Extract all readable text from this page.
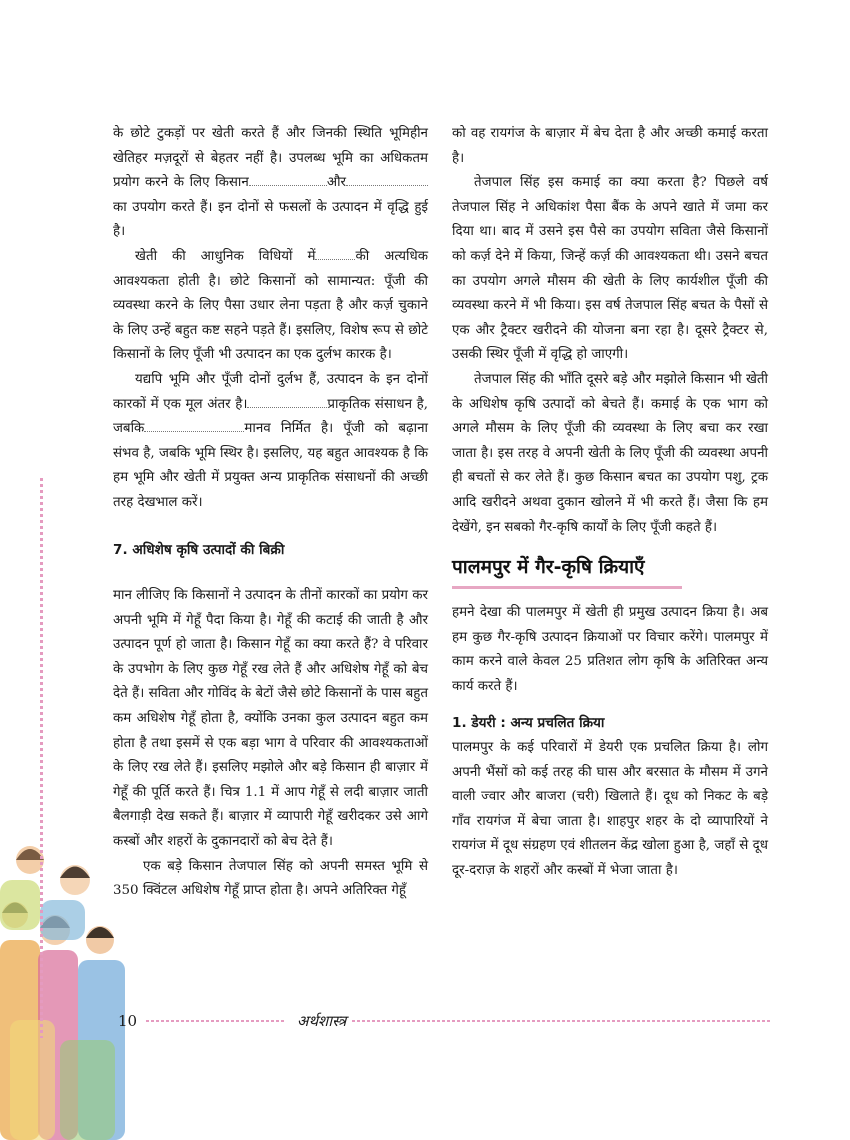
के छोटे टुकड़ों पर खेती करते हैं और जिनकी स्थिति भूमिहीन खेतिहर मज़दूरों से बेहतर नहीं है। उपलब्ध भूमि का अधिकतम प्रयोग करने के लिए किसान	और का उपयोग करते हैं। इन दोनों से फसलों के उत्पादन में वृद्धि हुई है।

खेती की आधुनिक विधियों में	की अत्यधिक आवश्यकता होती है। छोटे किसानों को सामान्यत: पूँजी की व्यवस्था करने के लिए पैसा उधार लेना पड़ता है और कर्ज़ चुकाने के लिए उन्हें बहुत कष्ट सहने पड़ते हैं। इसलिए, विशेष रूप से छोटे किसानों के लिए पूँजी भी उत्पादन का एक दुर्लभ कारक है।

यद्यपि भूमि और पूँजी दोनों दुर्लभ हैं, उत्पादन के इन दोनों कारकों में एक मूल अंतर है।	प्राकृतिक संसाधन है, जबकि	मानव निर्मित है। पूँजी को बढ़ाना संभव है, जबकि भूमि स्थिर है। इसलिए, यह बहुत आवश्यक है कि हम भूमि और खेती में प्रयुक्त अन्य प्राकृतिक संसाधनों की अच्छी तरह देखभाल करें।

7. अधिशेष कृषि उत्पादों की बिक्री

मान लीजिए कि किसानों ने उत्पादन के तीनों कारकों का प्रयोग कर अपनी भूमि में गेहूँ पैदा किया है। गेहूँ की कटाई की जाती है और उत्पादन पूर्ण हो जाता है। किसान गेहूँ का क्या करते हैं? वे परिवार के उपभोग के लिए कुछ गेहूँ रख लेते हैं और अधिशेष गेहूँ को बेच देते हैं। सविता और गोविंद के बेटों जैसे छोटे किसानों के पास बहुत कम अधिशेष गेहूँ होता है, क्योंकि उनका कुल उत्पादन बहुत कम होता है तथा इसमें से एक बड़ा भाग वे परिवार की आवश्यकताओं के लिए रख लेते हैं। इसलिए मझोले और बड़े किसान ही बाज़ार में गेहूँ की पूर्ति करते हैं। चित्र 1.1 में आप गेहूँ से लदी बाज़ार जाती बैलगाड़ी देख सकते हैं। बाज़ार में व्यापारी गेहूँ खरीदकर उसे आगे कस्बों और शहरों के दुकानदारों को बेच देते हैं।

एक बड़े किसान तेजपाल सिंह को अपनी समस्त भूमि से 350 क्विंटल अधिशेष गेहूँ प्राप्त होता है। अपने अतिरिक्त गेहूँ

को वह रायगंज के बाज़ार में बेच देता है और अच्छी कमाई करता है।

तेजपाल सिंह इस कमाई का क्या करता है? पिछले वर्ष तेजपाल सिंह ने अधिकांश पैसा बैंक के अपने खाते में जमा कर दिया था। बाद में उसने इस पैसे का उपयोग सविता जैसे किसानों को कर्ज़ देने में किया, जिन्हें कर्ज़ की आवश्यकता थी। उसने बचत का उपयोग अगले मौसम की खेती के लिए कार्यशील पूँजी की व्यवस्था करने में भी किया। इस वर्ष तेजपाल सिंह बचत के पैसों से एक और ट्रैक्टर खरीदने की योजना बना रहा है। दूसरे ट्रैक्टर से, उसकी स्थिर पूँजी में वृद्धि हो जाएगी।

तेजपाल सिंह की भाँति दूसरे बड़े और मझोले किसान भी खेती के अधिशेष कृषि उत्पादों को बेचते हैं। कमाई के एक भाग को अगले मौसम के लिए पूँजी की व्यवस्था के लिए बचा कर रखा जाता है। इस तरह वे अपनी खेती के लिए पूँजी की व्यवस्था अपनी ही बचतों से कर लेते हैं। कुछ किसान बचत का उपयोग पशु, ट्रक आदि खरीदने अथवा दुकान खोलने में भी करते हैं। जैसा कि हम देखेंगे, इन सबको गैर-कृषि कार्यों के लिए पूँजी कहते हैं।

पालमपुर में गैर-कृषि क्रियाएँ

हमने देखा की पालमपुर में खेती ही प्रमुख उत्पादन क्रिया है। अब हम कुछ गैर-कृषि उत्पादन क्रियाओं पर विचार करेंगे। पालमपुर में काम करने वाले केवल 25 प्रतिशत लोग कृषि के अतिरिक्त अन्य कार्य करते हैं।

1. डेयरी : अन्य प्रचलित क्रिया

पालमपुर के कई परिवारों में डेयरी एक प्रचलित क्रिया है। लोग अपनी भैंसों को कई तरह की घास और बरसात के मौसम में उगने वाली ज्वार और बाजरा (चरी) खिलाते हैं। दूध को निकट के बड़े गाँव रायगंज में बेचा जाता है। शाहपुर शहर के दो व्यापारियों ने रायगंज में दूध संग्रहण एवं शीतलन केंद्र खोला हुआ है, जहाँ से दूध दूर-दराज़ के शहरों और कस्बों में भेजा जाता है।

10	अर्थशास्त्र
